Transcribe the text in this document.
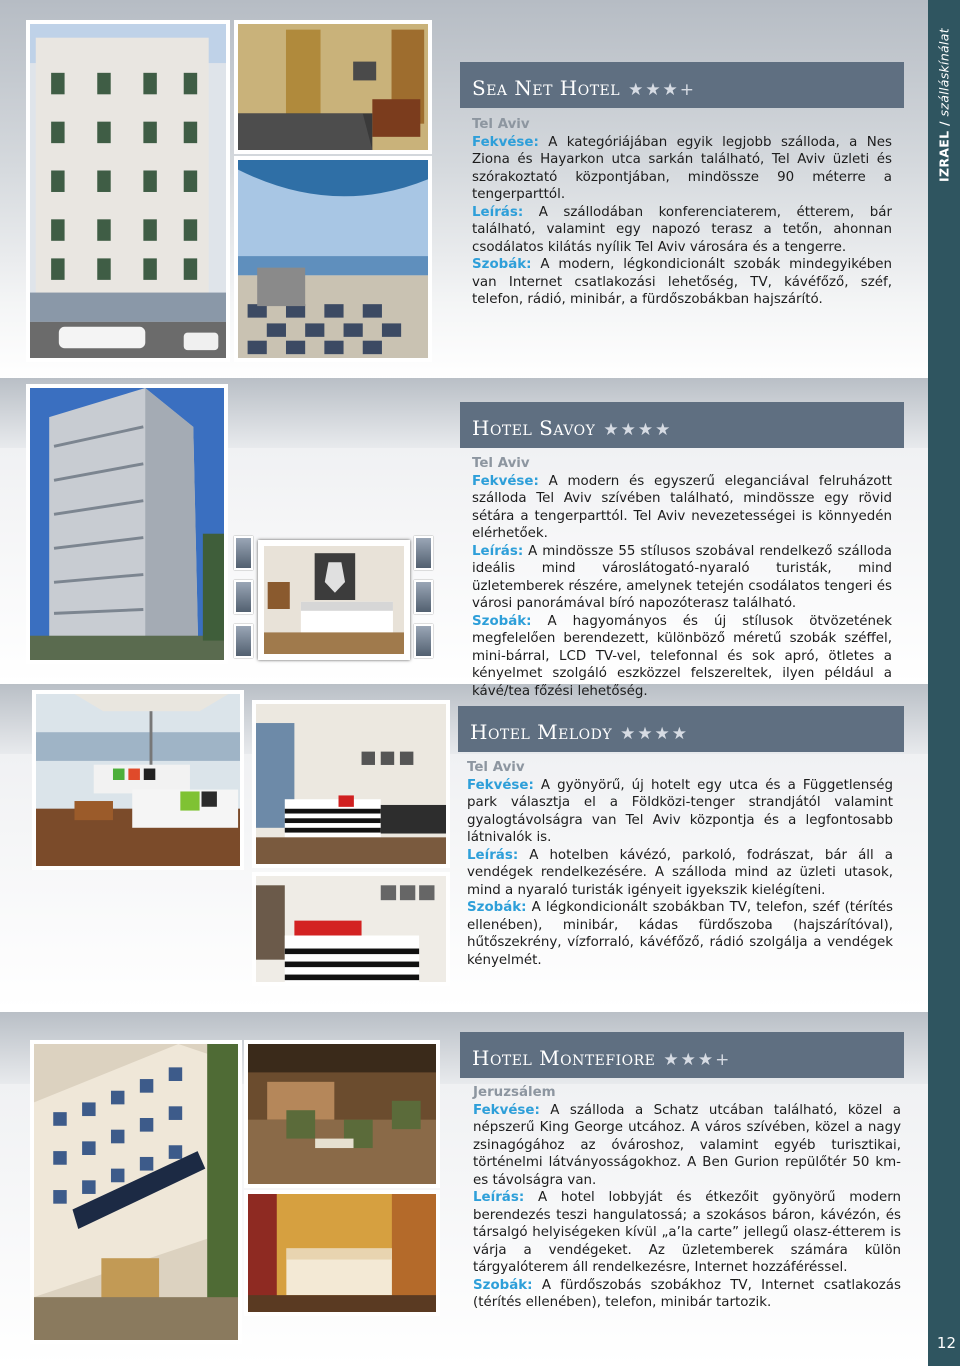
IZRAEL / szálláskínálat
12
Sea Net Hotel ★★★+

Tel Aviv

Fekvése: A kategóriájában egyik legjobb szálloda, a Nes Ziona és Hayarkon utca sarkán található, Tel Aviv üzleti és szórakoztató központjában, mindössze 90 méterre a tengerparttól.

Leírás: A szállodában konferenciaterem, étterem, bár található, valamint egy napozó terasz a tetőn, ahonnan csodálatos kilátás nyílik Tel Aviv városára és a tengerre.

Szobák: A modern, légkondicionált szobák mindegyikében van Internet csatlakozási lehetőség, TV, kávéfőző, széf, telefon, rádió, minibár, a fürdőszobákban hajszárító.

Hotel Savoy ★★★★

Tel Aviv

Fekvése: A modern és egyszerű eleganciával felruházott szálloda Tel Aviv szívében található, mindössze egy rövid sétára a tengerparttól. Tel Aviv nevezetességei is könnyedén elérhetőek.

Leírás: A mindössze 55 stílusos szobával rendelkező szálloda ideális mind városlátogató-nyaraló turisták, mind üzletemberek részére, amelynek tetején csodálatos tengeri és városi panorámával bíró napozóterasz található.

Szobák: A hagyományos és új stílusok ötvözetének megfelelően berendezett, különböző méretű szobák széffel, mini-bárral, LCD TV-vel, telefonnal és sok apró, ötletes a kényelmet szolgáló eszközzel felszereltek, ilyen például a kávé/tea főzési lehetőség.

Hotel Melody ★★★★

Tel Aviv

Fekvése: A gyönyörű, új hotelt egy utca és a Függetlenség park választja el a Földközi-tenger strandjától valamint gyalogtávolságra van Tel Aviv központja és a legfontosabb látnivalók is.

Leírás: A hotelben kávézó, parkoló, fodrászat, bár áll a vendégek rendelkezésére. A szálloda mind az üzleti utasok, mind a nyaraló turisták igényeit igyekszik kielégíteni.

Szobák: A légkondicionált szobákban TV, telefon, széf (térítés ellenében), minibár, kádas fürdőszoba (hajszárítóval), hűtőszekrény, vízforraló, kávéfőző, rádió szolgálja a vendégek kényelmét.

Hotel Montefiore ★★★+

Jeruzsálem

Fekvése: A szálloda a Schatz utcában található, közel a népszerű King George utcához. A város szívében, közel a nagy zsinagógához az óvároshoz, valamint egyéb turisztikai, történelmi látványosságokhoz. A Ben Gurion repülőtér 50 km-es távolságra van.

Leírás: A hotel lobbyját és étkezőit gyönyörű modern berendezés teszi hangulatossá; a szokásos báron, kávézón, és társalgó helyiségeken kívül „a’la carte” jellegű olasz-étterem is várja a vendégeket. Az üzletemberek számára külön tárgyalóterem áll rendelkezésre, Internet hozzáféréssel.

Szobák: A fürdőszobás szobákhoz TV, Internet csatlakozás (térítés ellenében), telefon, minibár tartozik.
